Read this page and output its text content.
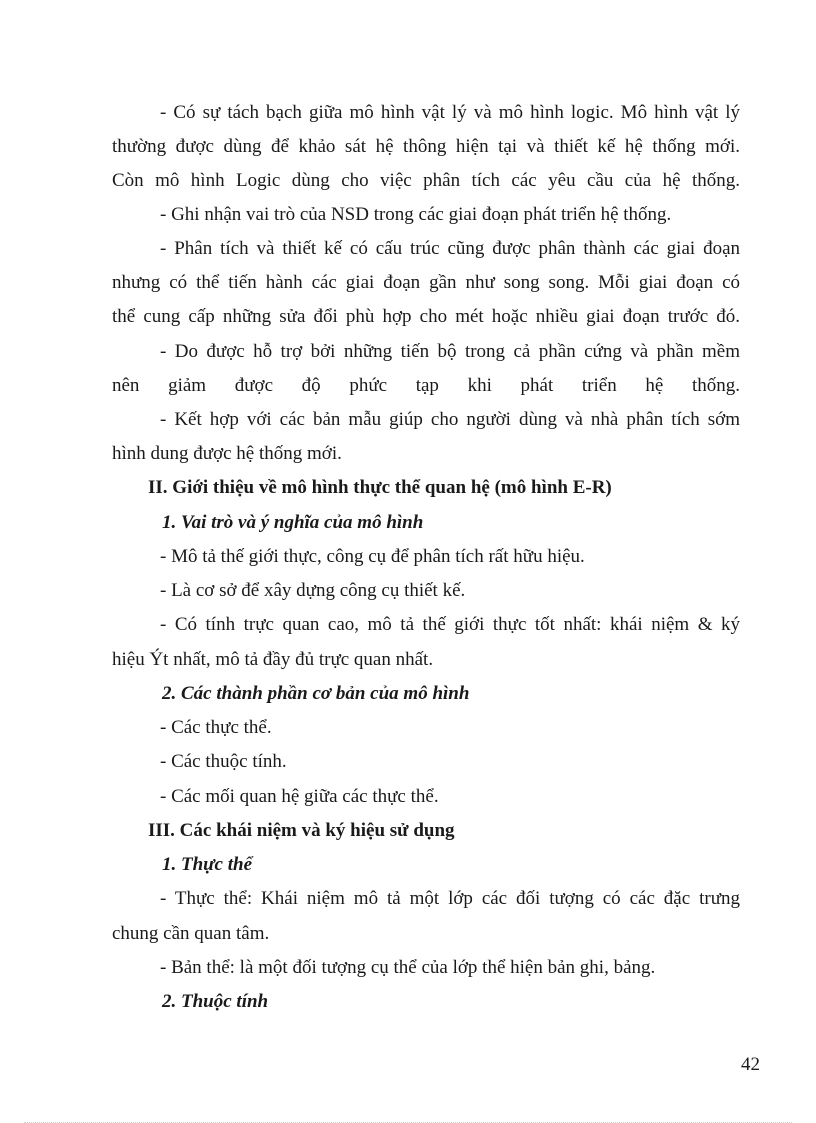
- Có sự tách bạch giữa mô hình vật lý và mô hình logic. Mô hình vật lý
thường được dùng để khảo sát hệ thông hiện tại và thiết kế hệ thống mới.
Còn mô hình Logic dùng cho việc phân tích các yêu cầu của hệ thống.
- Ghi nhận vai trò của NSD trong các giai đoạn phát triển hệ thống.
- Phân tích và thiết kế có cấu trúc cũng được phân thành các giai đoạn
nhưng có thể tiến hành các giai đoạn gần như song song. Mỗi giai đoạn có
thể cung cấp những sửa đổi phù hợp cho mét hoặc nhiều giai đoạn trước đó.
- Do được hỗ trợ bởi những tiến bộ trong cả phần cứng và phần mềm
nên giảm được độ phức tạp khi phát triển hệ thống.
- Kết hợp với các bản mẫu giúp cho người dùng và nhà phân tích sớm
hình dung được hệ thống mới.
II. Giới thiệu về mô hình thực thể quan hệ (mô hình E-R)
1. Vai trò và ý nghĩa của mô hình
- Mô tả thế giới thực, công cụ để phân tích rất hữu hiệu.
- Là cơ sở để xây dựng công cụ thiết kế.
- Có tính trực quan cao, mô tả thế giới thực tốt nhất: khái niệm & ký
hiệu Ýt nhất, mô tả đầy đủ trực quan nhất.
2. Các thành phần cơ bản của mô hình
- Các thực thể.
- Các thuộc tính.
- Các mối quan hệ giữa các thực thể.
III. Các khái niệm và ký hiệu sử dụng
1. Thực thể
- Thực thể: Khái niệm mô tả một lớp các đối tượng có các đặc trưng
chung cần quan tâm.
- Bản thể: là một đối tượng cụ thể của lớp thể hiện bản ghi, bảng.
2. Thuộc tính
42
